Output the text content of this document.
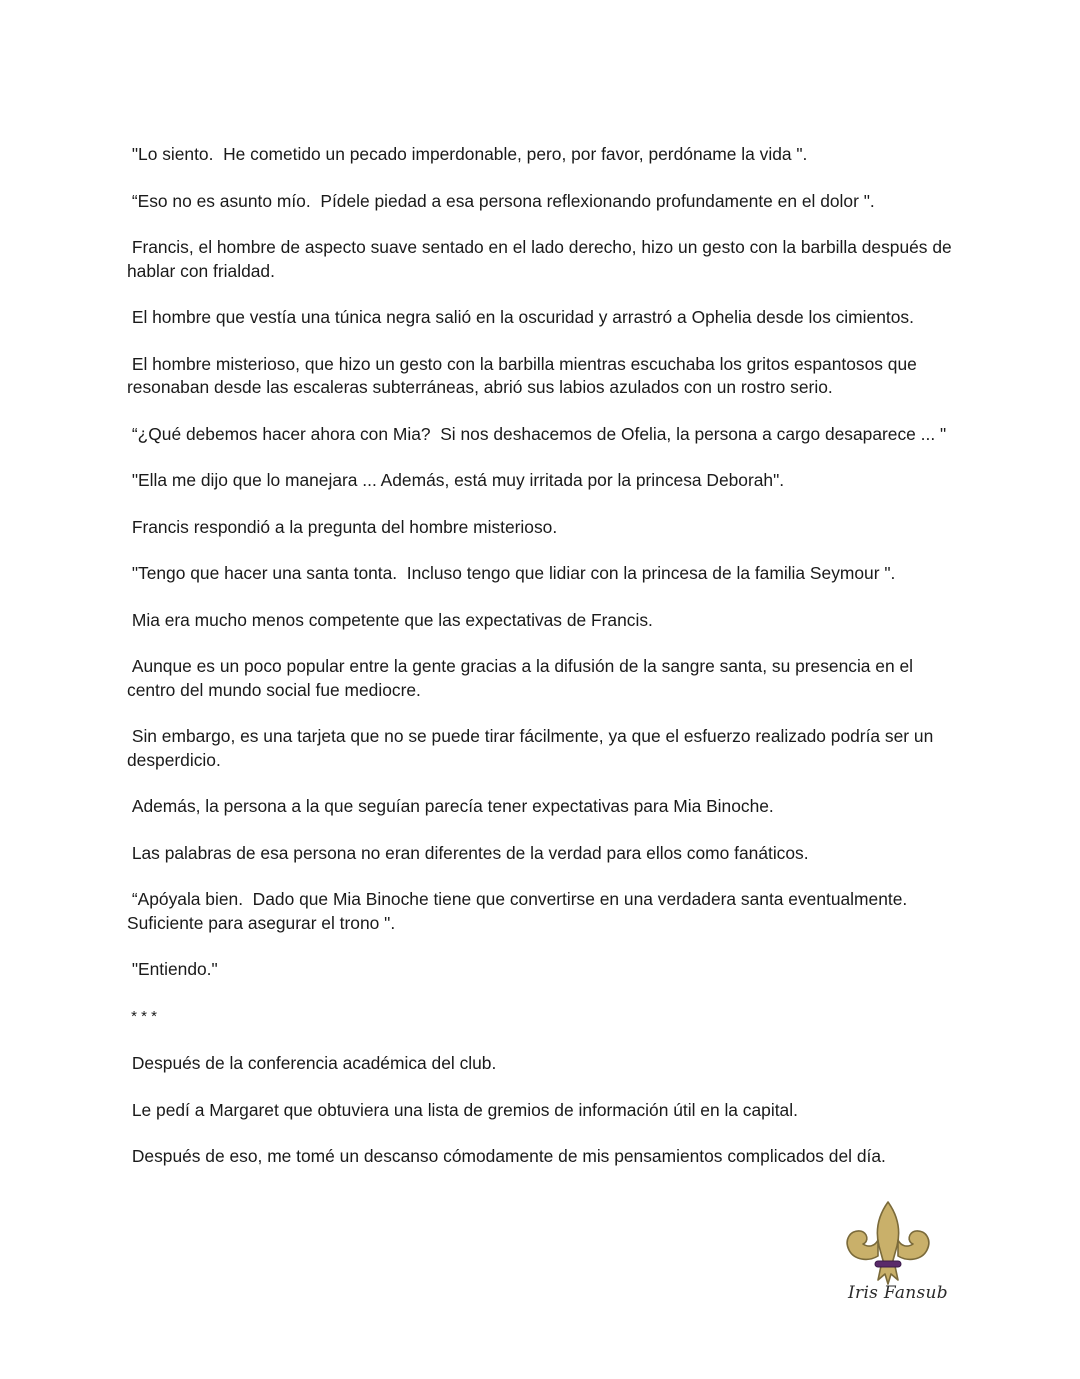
"Lo siento.  He cometido un pecado imperdonable, pero, por favor, perdóname la vida ".

“Eso no es asunto mío.  Pídele piedad a esa persona reflexionando profundamente en el dolor ".

Francis, el hombre de aspecto suave sentado en el lado derecho, hizo un gesto con la barbilla después de hablar con frialdad.

El hombre que vestía una túnica negra salió en la oscuridad y arrastró a Ophelia desde los cimientos.

El hombre misterioso, que hizo un gesto con la barbilla mientras escuchaba los gritos espantosos que resonaban desde las escaleras subterráneas, abrió sus labios azulados con un rostro serio.

“¿Qué debemos hacer ahora con Mia?  Si nos deshacemos de Ofelia, la persona a cargo desaparece ... "

"Ella me dijo que lo manejara ... Además, está muy irritada por la princesa Deborah".

Francis respondió a la pregunta del hombre misterioso.

"Tengo que hacer una santa tonta.  Incluso tengo que lidiar con la princesa de la familia Seymour ".

Mia era mucho menos competente que las expectativas de Francis.

Aunque es un poco popular entre la gente gracias a la difusión de la sangre santa, su presencia en el centro del mundo social fue mediocre.

Sin embargo, es una tarjeta que no se puede tirar fácilmente, ya que el esfuerzo realizado podría ser un desperdicio.

Además, la persona a la que seguían parecía tener expectativas para Mia Binoche.

Las palabras de esa persona no eran diferentes de la verdad para ellos como fanáticos.

“Apóyala bien.  Dado que Mia Binoche tiene que convertirse en una verdadera santa eventualmente. Suficiente para asegurar el trono ".

"Entiendo."

* * *

Después de la conferencia académica del club.

Le pedí a Margaret que obtuviera una lista de gremios de información útil en la capital.

Después de eso, me tomé un descanso cómodamente de mis pensamientos complicados del día.

Iris Fansub
